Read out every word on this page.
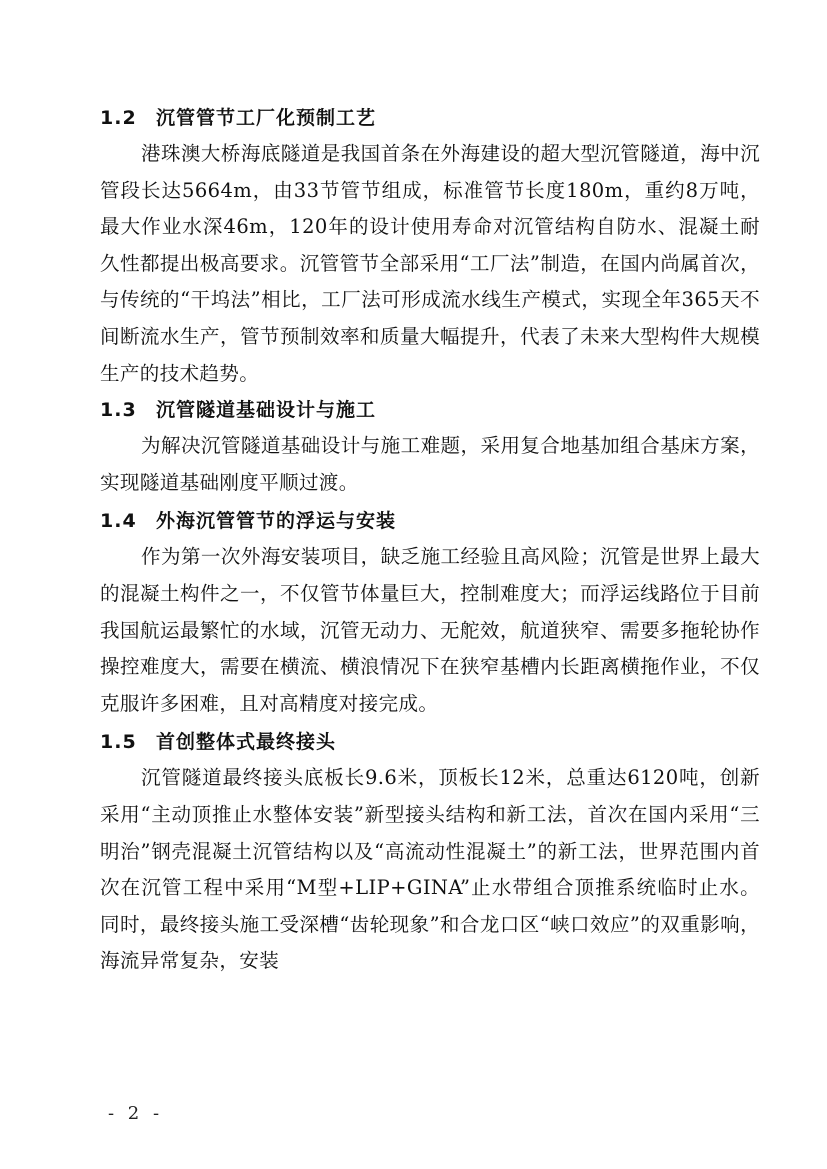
1.2 沉管管节工厂化预制工艺

港珠澳大桥海底隧道是我国首条在外海建设的超大型沉管隧道，海中沉管段长达5664m，由33节管节组成，标准管节长度180m，重约8万吨，最大作业水深46m，120年的设计使用寿命对沉管结构自防水、混凝土耐久性都提出极高要求。沉管管节全部采用“工厂法”制造，在国内尚属首次，与传统的“干坞法”相比，工厂法可形成流水线生产模式，实现全年365天不间断流水生产，管节预制效率和质量大幅提升，代表了未来大型构件大规模生产的技术趋势。

1.3 沉管隧道基础设计与施工

为解决沉管隧道基础设计与施工难题，采用复合地基加组合基床方案，实现隧道基础刚度平顺过渡。

1.4 外海沉管管节的浮运与安装

作为第一次外海安装项目，缺乏施工经验且高风险；沉管是世界上最大的混凝土构件之一，不仅管节体量巨大，控制难度大；而浮运线路位于目前我国航运最繁忙的水域，沉管无动力、无舵效，航道狭窄、需要多拖轮协作操控难度大，需要在横流、横浪情况下在狭窄基槽内长距离横拖作业，不仅克服许多困难，且对高精度对接完成。

1.5 首创整体式最终接头

沉管隧道最终接头底板长9.6米，顶板长12米，总重达6120吨，创新采用“主动顶推止水整体安装”新型接头结构和新工法，首次在国内采用“三明治”钢壳混凝土沉管结构以及“高流动性混凝土”的新工法，世界范围内首次在沉管工程中采用“M型+LIP+GINA”止水带组合顶推系统临时止水。同时，最终接头施工受深槽“齿轮现象”和合龙口区“峡口效应”的双重影响，海流异常复杂，安装

- 2 -
